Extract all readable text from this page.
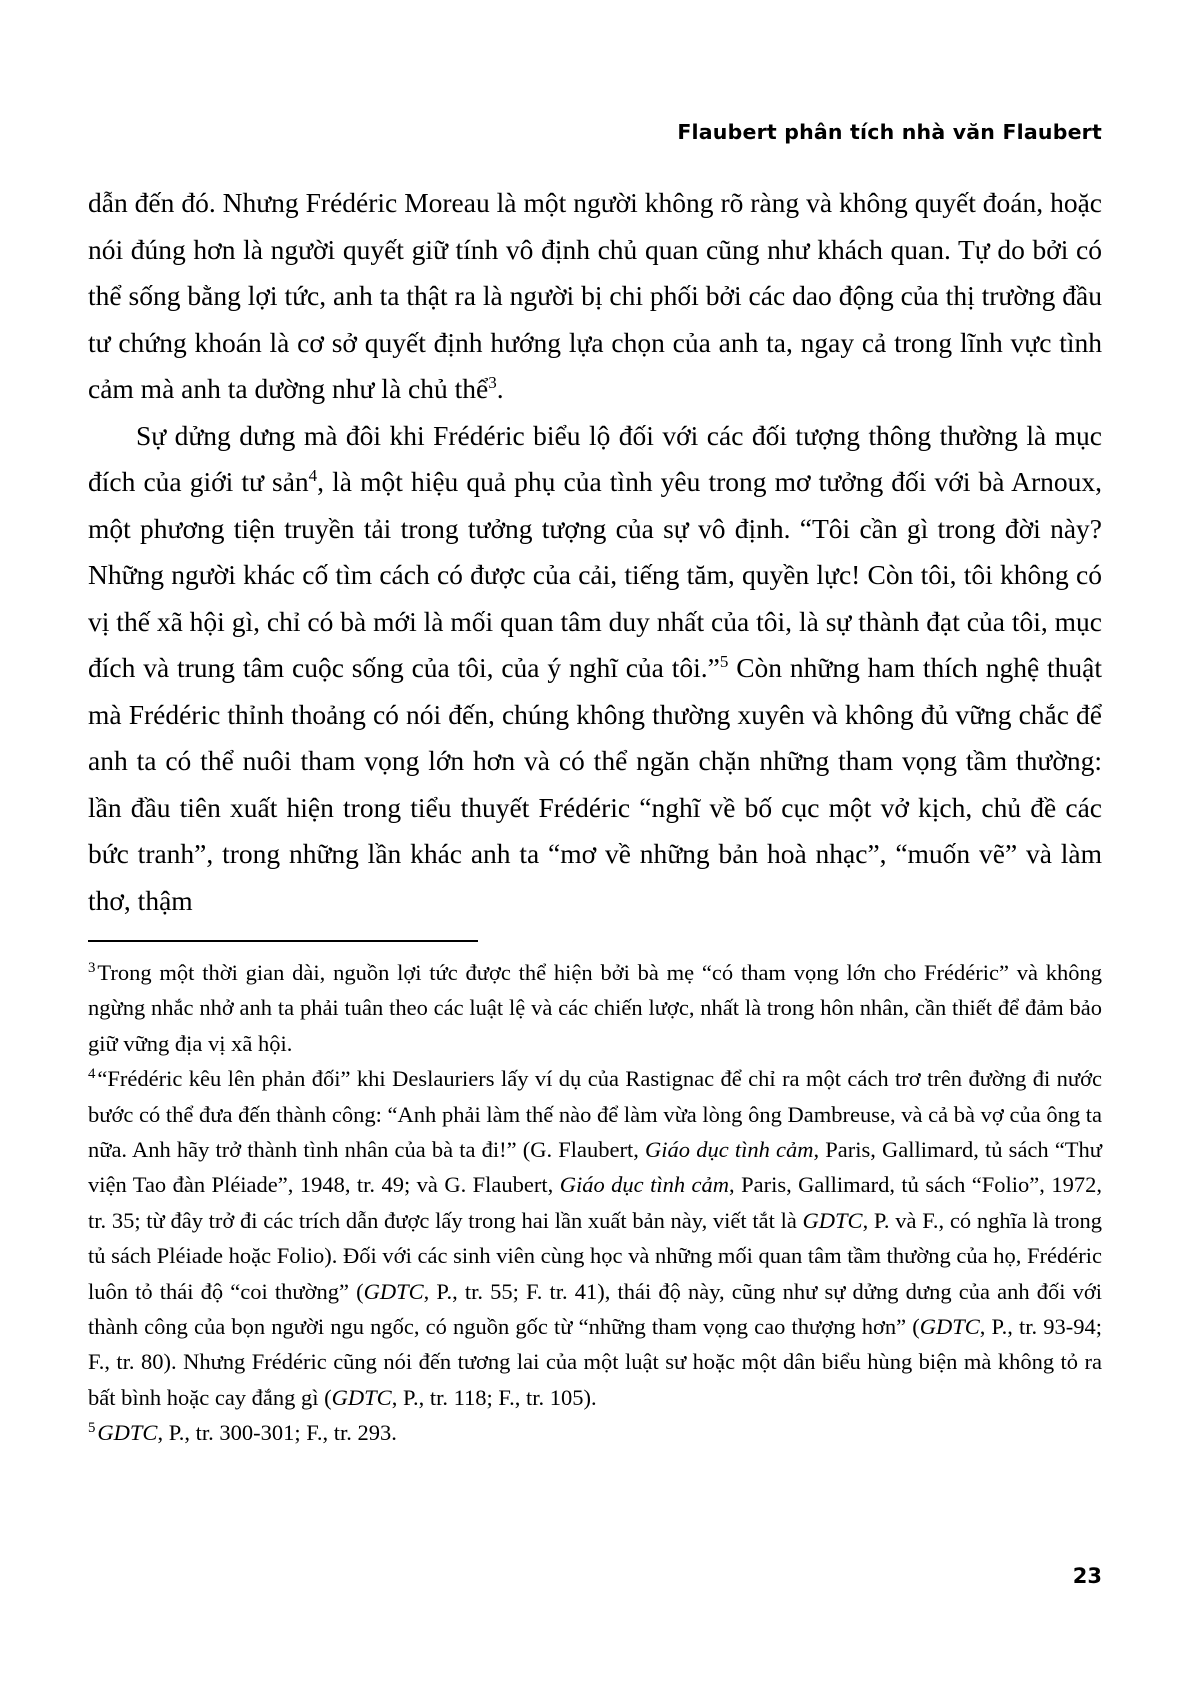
Flaubert phân tích nhà văn Flaubert

dẫn đến đó. Nhưng Frédéric Moreau là một người không rõ ràng và không quyết đoán, hoặc nói đúng hơn là người quyết giữ tính vô định chủ quan cũng như khách quan. Tự do bởi có thể sống bằng lợi tức, anh ta thật ra là người bị chi phối bởi các dao động của thị trường đầu tư chứng khoán là cơ sở quyết định hướng lựa chọn của anh ta, ngay cả trong lĩnh vực tình cảm mà anh ta dường như là chủ thể$^3$.

Sự dửng dưng mà đôi khi Frédéric biểu lộ đối với các đối tượng thông thường là mục đích của giới tư sản$^4$, là một hiệu quả phụ của tình yêu trong mơ tưởng đối với bà Arnoux, một phương tiện truyền tải trong tưởng tượng của sự vô định. “Tôi cần gì trong đời này? Những người khác cố tìm cách có được của cải, tiếng tăm, quyền lực! Còn tôi, tôi không có vị thế xã hội gì, chỉ có bà mới là mối quan tâm duy nhất của tôi, là sự thành đạt của tôi, mục đích và trung tâm cuộc sống của tôi, của ý nghĩ của tôi.”$^5$ Còn những ham thích nghệ thuật mà Frédéric thỉnh thoảng có nói đến, chúng không thường xuyên và không đủ vững chắc để anh ta có thể nuôi tham vọng lớn hơn và có thể ngăn chặn những tham vọng tầm thường: lần đầu tiên xuất hiện trong tiểu thuyết Frédéric “nghĩ về bố cục một vở kịch, chủ đề các bức tranh”, trong những lần khác anh ta “mơ về những bản hoà nhạc”, “muốn vẽ” và làm thơ, thậm

$^3$Trong một thời gian dài, nguồn lợi tức được thể hiện bởi bà mẹ “có tham vọng lớn cho Frédéric” và không ngừng nhắc nhở anh ta phải tuân theo các luật lệ và các chiến lược, nhất là trong hôn nhân, cần thiết để đảm bảo giữ vững địa vị xã hội.

$^4$“Frédéric kêu lên phản đối” khi Deslauriers lấy ví dụ của Rastignac để chỉ ra một cách trơ trên đường đi nước bước có thể đưa đến thành công: “Anh phải làm thế nào để làm vừa lòng ông Dambreuse, và cả bà vợ của ông ta nữa. Anh hãy trở thành tình nhân của bà ta đi!” (G. Flaubert, Giáo dục tình cảm, Paris, Gallimard, tủ sách “Thư viện Tao đàn Pléiade”, 1948, tr. 49; và G. Flaubert, Giáo dục tình cảm, Paris, Gallimard, tủ sách “Folio”, 1972, tr. 35; từ đây trở đi các trích dẫn được lấy trong hai lần xuất bản này, viết tắt là GDTC, P. và F., có nghĩa là trong tủ sách Pléiade hoặc Folio). Đối với các sinh viên cùng học và những mối quan tâm tầm thường của họ, Frédéric luôn tỏ thái độ “coi thường” (GDTC, P., tr. 55; F. tr. 41), thái độ này, cũng như sự dửng dưng của anh đối với thành công của bọn người ngu ngốc, có nguồn gốc từ “những tham vọng cao thượng hơn” (GDTC, P., tr. 93-94; F., tr. 80). Nhưng Frédéric cũng nói đến tương lai của một luật sư hoặc một dân biểu hùng biện mà không tỏ ra bất bình hoặc cay đắng gì (GDTC, P., tr. 118; F., tr. 105).

$^5$GDTC, P., tr. 300-301; F., tr. 293.

23
